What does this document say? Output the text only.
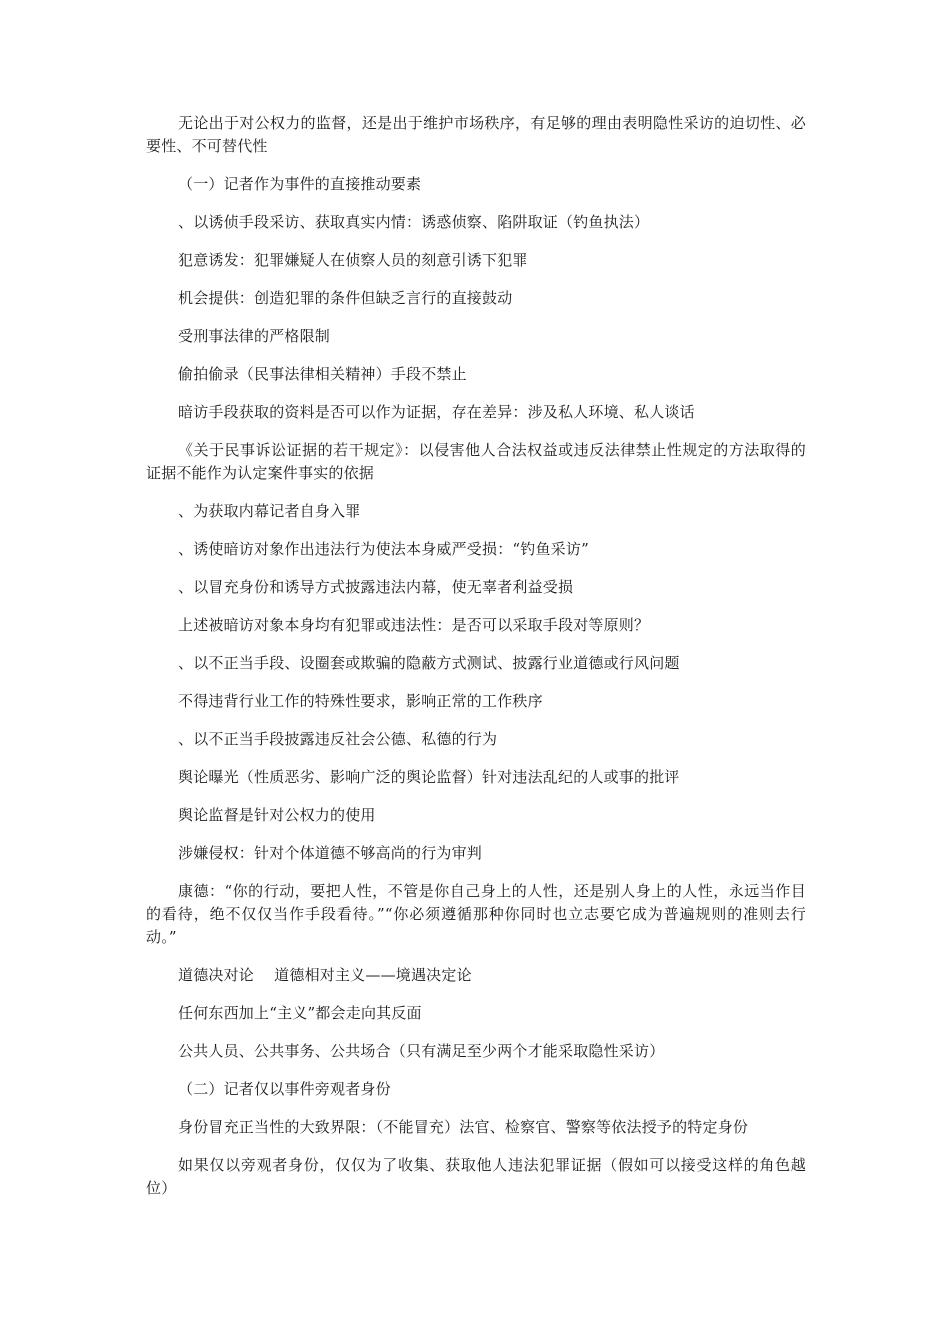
无论出于对公权力的监督，还是出于维护市场秩序，有足够的理由表明隐性采访的迫切性、必要性、不可替代性

（一）记者作为事件的直接推动要素

、以诱侦手段采访、获取真实内情：诱惑侦察、陷阱取证（钓鱼执法）

犯意诱发：犯罪嫌疑人在侦察人员的刻意引诱下犯罪

机会提供：创造犯罪的条件但缺乏言行的直接鼓动

受刑事法律的严格限制

偷拍偷录（民事法律相关精神）手段不禁止

暗访手段获取的资料是否可以作为证据，存在差异：涉及私人环境、私人谈话

《关于民事诉讼证据的若干规定》：以侵害他人合法权益或违反法律禁止性规定的方法取得的证据不能作为认定案件事实的依据

、为获取内幕记者自身入罪

、诱使暗访对象作出违法行为使法本身威严受损：“钓鱼采访”

、以冒充身份和诱导方式披露违法内幕，使无辜者利益受损

上述被暗访对象本身均有犯罪或违法性：是否可以采取手段对等原则？

、以不正当手段、设圈套或欺骗的隐蔽方式测试、披露行业道德或行风问题

不得违背行业工作的特殊性要求，影响正常的工作秩序

、以不正当手段披露违反社会公德、私德的行为

舆论曝光（性质恶劣、影响广泛的舆论监督）针对违法乱纪的人或事的批评

舆论监督是针对公权力的使用

涉嫌侵权：针对个体道德不够高尚的行为审判

康德：“你的行动，要把人性，不管是你自己身上的人性，还是别人身上的人性，永远当作目的看待，绝不仅仅当作手段看待。”“你必须遵循那种你同时也立志要它成为普遍规则的准则去行动。”

道德决对论　 道德相对主义——境遇决定论

任何东西加上“主义”都会走向其反面

公共人员、公共事务、公共场合（只有满足至少两个才能采取隐性采访）

（二）记者仅以事件旁观者身份

身份冒充正当性的大致界限：（不能冒充）法官、检察官、警察等依法授予的特定身份

如果仅以旁观者身份，仅仅为了收集、获取他人违法犯罪证据（假如可以接受这样的角色越位）
